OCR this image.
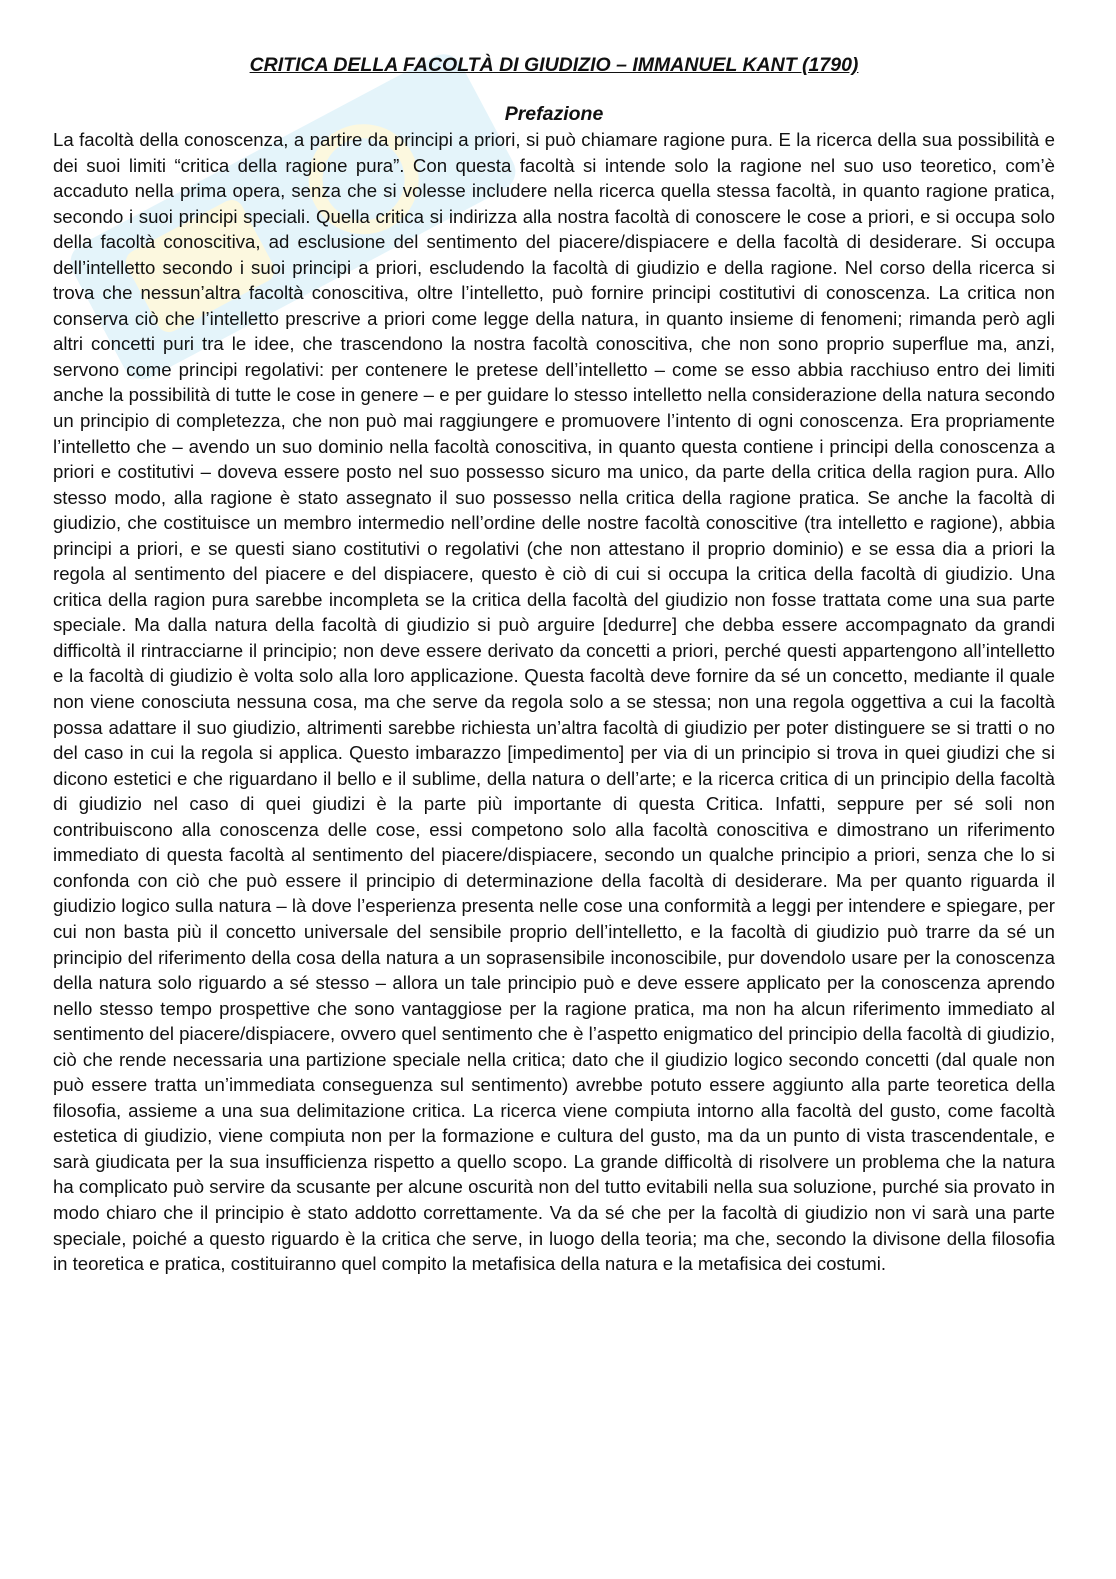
CRITICA DELLA FACOLTÀ DI GIUDIZIO – IMMANUEL KANT (1790)
Prefazione

La facoltà della conoscenza, a partire da principi a priori, si può chiamare ragione pura. E la ricerca della sua possibilità e dei suoi limiti “critica della ragione pura”. Con questa facoltà si intende solo la ragione nel suo uso teoretico, com’è accaduto nella prima opera, senza che si volesse includere nella ricerca quella stessa facoltà, in quanto ragione pratica, secondo i suoi principi speciali. Quella critica si indirizza alla nostra facoltà di conoscere le cose a priori, e si occupa solo della facoltà conoscitiva, ad esclusione del sentimento del piacere/dispiacere e della facoltà di desiderare. Si occupa dell’intelletto secondo i suoi principi a priori, escludendo la facoltà di giudizio e della ragione. Nel corso della ricerca si trova che nessun’altra facoltà conoscitiva, oltre l’intelletto, può fornire principi costitutivi di conoscenza. La critica non conserva ciò che l’intelletto prescrive a priori come legge della natura, in quanto insieme di fenomeni; rimanda però agli altri concetti puri tra le idee, che trascendono la nostra facoltà conoscitiva, che non sono proprio superflue ma, anzi, servono come principi regolativi: per contenere le pretese dell’intelletto – come se esso abbia racchiuso entro dei limiti anche la possibilità di tutte le cose in genere – e per guidare lo stesso intelletto nella considerazione della natura secondo un principio di completezza, che non può mai raggiungere e promuovere l’intento di ogni conoscenza. Era propriamente l’intelletto che – avendo un suo dominio nella facoltà conoscitiva, in quanto questa contiene i principi della conoscenza a priori e costitutivi – doveva essere posto nel suo possesso sicuro ma unico, da parte della critica della ragion pura. Allo stesso modo, alla ragione è stato assegnato il suo possesso nella critica della ragione pratica. Se anche la facoltà di giudizio, che costituisce un membro intermedio nell’ordine delle nostre facoltà conoscitive (tra intelletto e ragione), abbia principi a priori, e se questi siano costitutivi o regolativi (che non attestano il proprio dominio) e se essa dia a priori la regola al sentimento del piacere e del dispiacere, questo è ciò di cui si occupa la critica della facoltà di giudizio. Una critica della ragion pura sarebbe incompleta se la critica della facoltà del giudizio non fosse trattata come una sua parte speciale. Ma dalla natura della facoltà di giudizio si può arguire [dedurre] che debba essere accompagnato da grandi difficoltà il rintracciarne il principio; non deve essere derivato da concetti a priori, perché questi appartengono all’intelletto e la facoltà di giudizio è volta solo alla loro applicazione. Questa facoltà deve fornire da sé un concetto, mediante il quale non viene conosciuta nessuna cosa, ma che serve da regola solo a se stessa; non una regola oggettiva a cui la facoltà possa adattare il suo giudizio, altrimenti sarebbe richiesta un’altra facoltà di giudizio per poter distinguere se si tratti o no del caso in cui la regola si applica. Questo imbarazzo [impedimento] per via di un principio si trova in quei giudizi che si dicono estetici e che riguardano il bello e il sublime, della natura o dell’arte; e la ricerca critica di un principio della facoltà di giudizio nel caso di quei giudizi è la parte più importante di questa Critica. Infatti, seppure per sé soli non contribuiscono alla conoscenza delle cose, essi competono solo alla facoltà conoscitiva e dimostrano un riferimento immediato di questa facoltà al sentimento del piacere/dispiacere, secondo un qualche principio a priori, senza che lo si confonda con ciò che può essere il principio di determinazione della facoltà di desiderare. Ma per quanto riguarda il giudizio logico sulla natura – là dove l’esperienza presenta nelle cose una conformità a leggi per intendere e spiegare, per cui non basta più il concetto universale del sensibile proprio dell’intelletto, e la facoltà di giudizio può trarre da sé un principio del riferimento della cosa della natura a un soprasensibile inconoscibile, pur dovendolo usare per la conoscenza della natura solo riguardo a sé stesso – allora un tale principio può e deve essere applicato per la conoscenza aprendo nello stesso tempo prospettive che sono vantaggiose per la ragione pratica, ma non ha alcun riferimento immediato al sentimento del piacere/dispiacere, ovvero quel sentimento che è l’aspetto enigmatico del principio della facoltà di giudizio, ciò che rende necessaria una partizione speciale nella critica; dato che il giudizio logico secondo concetti (dal quale non può essere tratta un’immediata conseguenza sul sentimento) avrebbe potuto essere aggiunto alla parte teoretica della filosofia, assieme a una sua delimitazione critica. La ricerca viene compiuta intorno alla facoltà del gusto, come facoltà estetica di giudizio, viene compiuta non per la formazione e cultura del gusto, ma da un punto di vista trascendentale, e sarà giudicata per la sua insufficienza rispetto a quello scopo. La grande difficoltà di risolvere un problema che la natura ha complicato può servire da scusante per alcune oscurità non del tutto evitabili nella sua soluzione, purché sia provato in modo chiaro che il principio è stato addotto correttamente. Va da sé che per la facoltà di giudizio non vi sarà una parte speciale, poiché a questo riguardo è la critica che serve, in luogo della teoria; ma che, secondo la divisone della filosofia in teoretica e pratica, costituiranno quel compito la metafisica della natura e la metafisica dei costumi.
